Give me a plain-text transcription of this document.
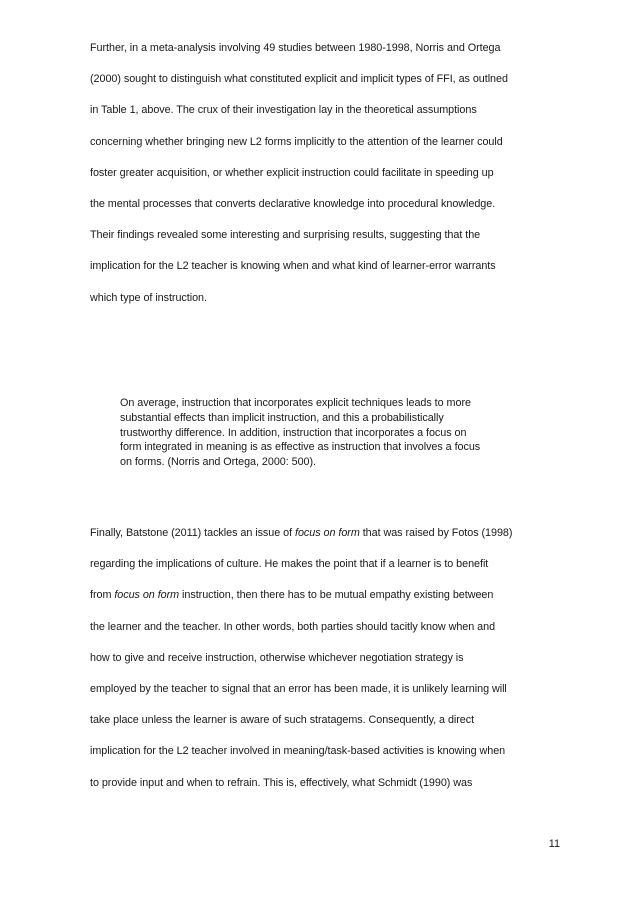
Further, in a meta-analysis involving 49 studies between 1980-1998, Norris and Ortega
(2000) sought to distinguish what constituted explicit and implicit types of FFI, as outlned
in Table 1, above. The crux of their investigation lay in the theoretical assumptions
concerning whether bringing new L2 forms implicitly to the attention of the learner could
foster greater acquisition, or whether explicit instruction could facilitate in speeding up
the mental processes that converts declarative knowledge into procedural knowledge.
Their findings revealed some interesting and surprising results, suggesting that the
implication for the L2 teacher is knowing when and what kind of learner-error warrants
which type of instruction.

On average, instruction that incorporates explicit techniques leads to more
substantial effects than implicit instruction, and this a probabilistically
trustworthy difference. In addition, instruction that incorporates a focus on
form integrated in meaning is as effective as instruction that involves a focus
on forms. (Norris and Ortega, 2000: 500).

Finally, Batstone (2011) tackles an issue of focus on form that was raised by Fotos (1998)
regarding the implications of culture. He makes the point that if a learner is to benefit
from focus on form instruction, then there has to be mutual empathy existing between
the learner and the teacher. In other words, both parties should tacitly know when and
how to give and receive instruction, otherwise whichever negotiation strategy is
employed by the teacher to signal that an error has been made, it is unlikely learning will
take place unless the learner is aware of such stratagems. Consequently, a direct
implication for the L2 teacher involved in meaning/task-based activities is knowing when
to provide input and when to refrain. This is, effectively, what Schmidt (1990) was

11
